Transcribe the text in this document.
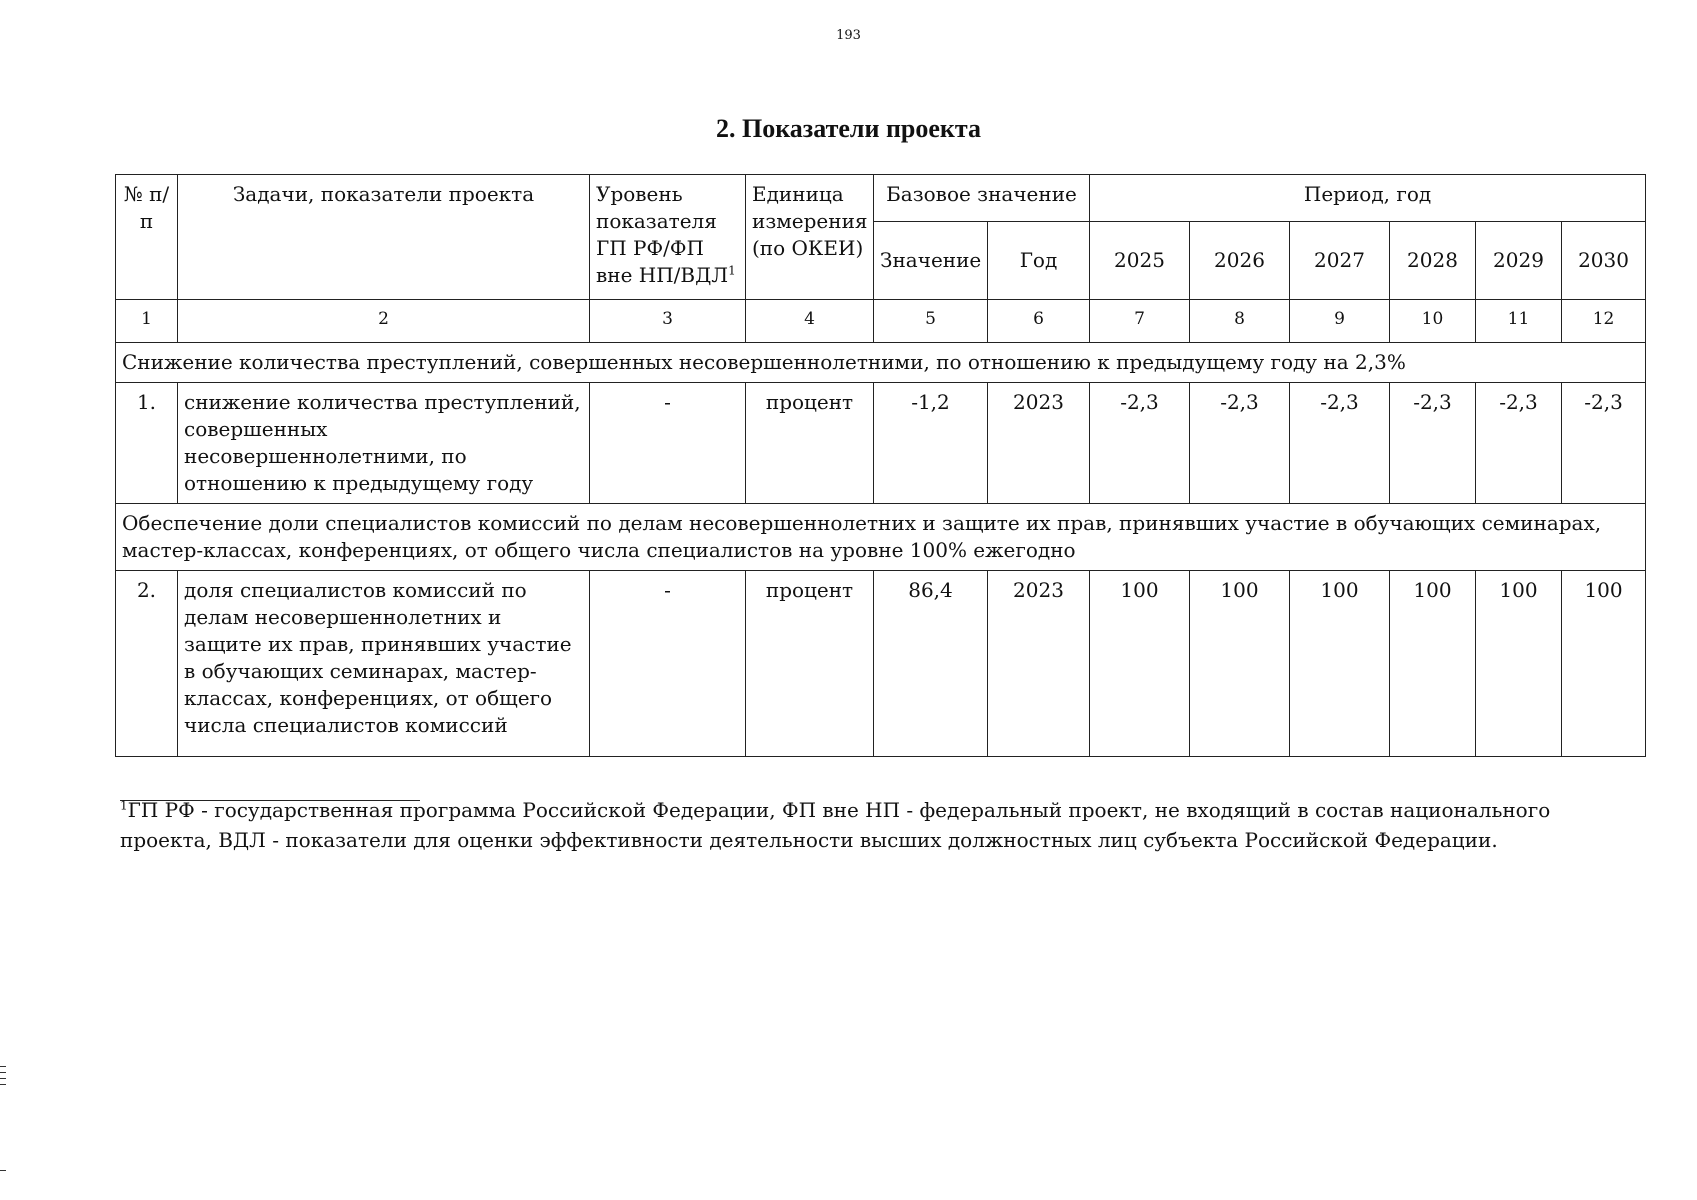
193
2. Показатели проекта
№ п/п	Задачи, показатели проекта	Уровень показателя ГП РФ/ФП вне НП/ВДЛ$^1$	Единица измерения (по ОКЕИ)	Базовое значение		Период, год					
				Значение	Год	2025	2026	2027	2028	2029	2030
1	2	3	4	5	6	7	8	9	10	11	12
Снижение количества преступлений, совершенных несовершеннолетними, по отношению к предыдущему году на 2,3%											
1.	снижение количества преступлений, совершенных несовершеннолетними, по отношению к предыдущему году	-	процент	-1,2	2023	-2,3	-2,3	-2,3	-2,3	-2,3	-2,3
Обеспечение доли специалистов комиссий по делам несовершеннолетних и защите их прав, принявших участие в обучающих семинарах, мастер-классах, конференциях, от общего числа специалистов на уровне 100% ежегодно											
2.	доля специалистов комиссий по делам несовершеннолетних и защите их прав, принявших участие в обучающих семинарах, мастер-классах, конференциях, от общего числа специалистов комиссий	-	процент	86,4	2023	100	100	100	100	100	100
$^1$ГП РФ - государственная программа Российской Федерации, ФП вне НП - федеральный проект, не входящий в состав национального проекта, ВДЛ - показатели для оценки эффективности деятельности высших должностных лиц субъекта Российской Федерации.
